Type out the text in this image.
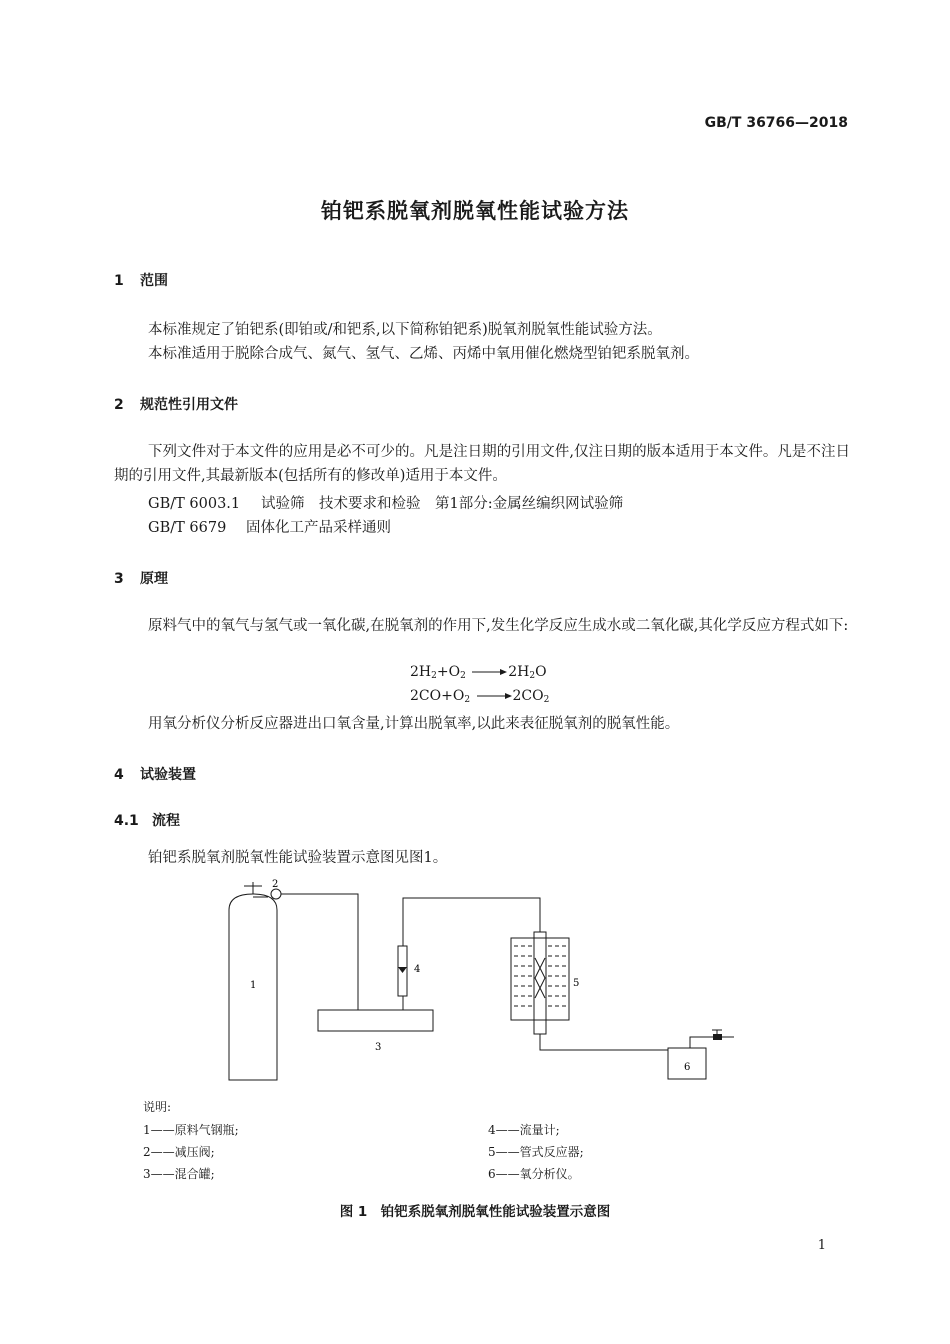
GB/T 36766—2018
铂钯系脱氧剂脱氧性能试验方法
1 范围
本标准规定了铂钯系(即铂或/和钯系,以下简称铂钯系)脱氧剂脱氧性能试验方法。
本标准适用于脱除合成气、氮气、氢气、乙烯、丙烯中氧用催化燃烧型铂钯系脱氧剂。
2 规范性引用文件
下列文件对于本文件的应用是必不可少的。凡是注日期的引用文件,仅注日期的版本适用于本文件。凡是不注日期的引用文件,其最新版本(包括所有的修改单)适用于本文件。
GB/T 6003.1 试验筛　技术要求和检验　第1部分:金属丝编织网试验筛
GB/T 6679 固体化工产品采样通则
3 原理
原料气中的氧气与氢气或一氧化碳,在脱氧剂的作用下,发生化学反应生成水或二氧化碳,其化学反应方程式如下:
$2H_2+O_2 \to 2H_2O$
$2CO+O_2 \to 2CO_2$
用氧分析仪分析反应器进出口氧含量,计算出脱氧率,以此来表征脱氧剂的脱氧性能。
4 试验装置
4.1 流程
铂钯系脱氧剂脱氧性能试验装置示意图见图1。
1
2
3
4
5
6
说明:
1——原料气钢瓶;
2——减压阀;
3——混合罐;
4——流量计;
5——管式反应器;
6——氧分析仪。
图 1　铂钯系脱氧剂脱氧性能试验装置示意图
1
